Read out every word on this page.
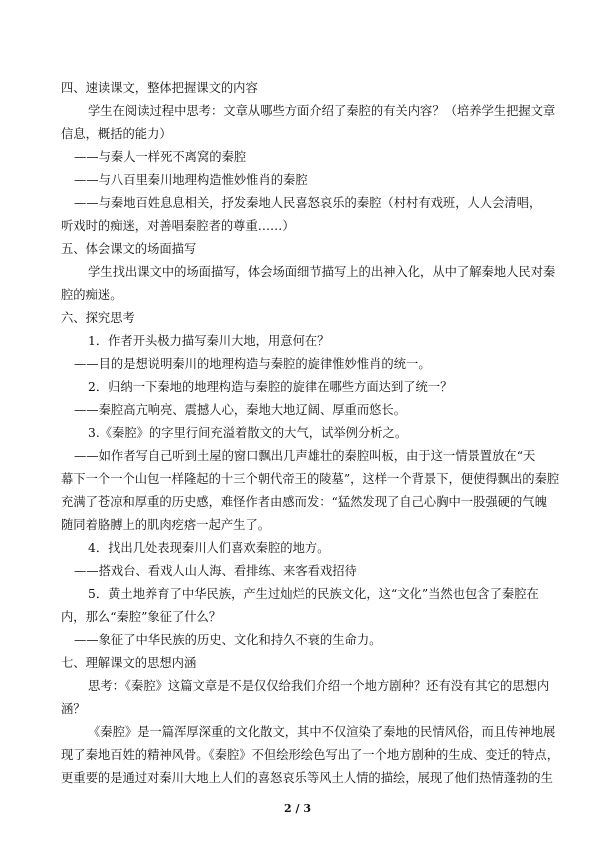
四、速读课文，整体把握课文的内容
学生在阅读过程中思考：文章从哪些方面介绍了秦腔的有关内容？（培养学生把握文章
信息，概括的能力）
——与秦人一样死不离窝的秦腔
——与八百里秦川地理构造惟妙惟肖的秦腔
——与秦地百姓息息相关，抒发秦地人民喜怒哀乐的秦腔（村村有戏班，人人会清唱，
听戏时的痴迷，对善唱秦腔者的尊重……）
五、体会课文的场面描写
学生找出课文中的场面描写，体会场面细节描写上的出神入化，从中了解秦地人民对秦
腔的痴迷。
六、探究思考
1．作者开头极力描写秦川大地，用意何在？
——目的是想说明秦川的地理构造与秦腔的旋律惟妙惟肖的统一。
2．归纳一下秦地的地理构造与秦腔的旋律在哪些方面达到了统一？
——秦腔高亢响亮、震撼人心，秦地大地辽阔、厚重而悠长。
3.《秦腔》的字里行间充溢着散文的大气，试举例分析之。
——如作者写自己听到土屋的窗口飘出几声雄壮的秦腔叫板，由于这一情景置放在“天
幕下一个一个山包一样隆起的十三个朝代帝王的陵墓”，这样一个背景下，便使得飘出的秦腔
充满了苍凉和厚重的历史感，难怪作者由感而发：“猛然发现了自己心胸中一股强硬的气魄
随同着胳膊上的肌肉疙瘩一起产生了。
4．找出几处表现秦川人们喜欢秦腔的地方。
——搭戏台、看戏人山人海、看排练、来客看戏招待
5．黄土地养育了中华民族，产生过灿烂的民族文化，这“文化”当然也包含了秦腔在
内，那么“秦腔”象征了什么？
——象征了中华民族的历史、文化和持久不衰的生命力。
七、理解课文的思想内涵
思考：《秦腔》这篇文章是不是仅仅给我们介绍一个地方剧种？还有没有其它的思想内
涵？
《秦腔》是一篇浑厚深重的文化散文，其中不仅渲染了秦地的民情风俗，而且传神地展
现了秦地百姓的精神风骨。《秦腔》不但绘形绘色写出了一个地方剧种的生成、变迁的特点，
更重要的是通过对秦川大地上人们的喜怒哀乐等风土人情的描绘，展现了他们热情蓬勃的生
2 / 3
